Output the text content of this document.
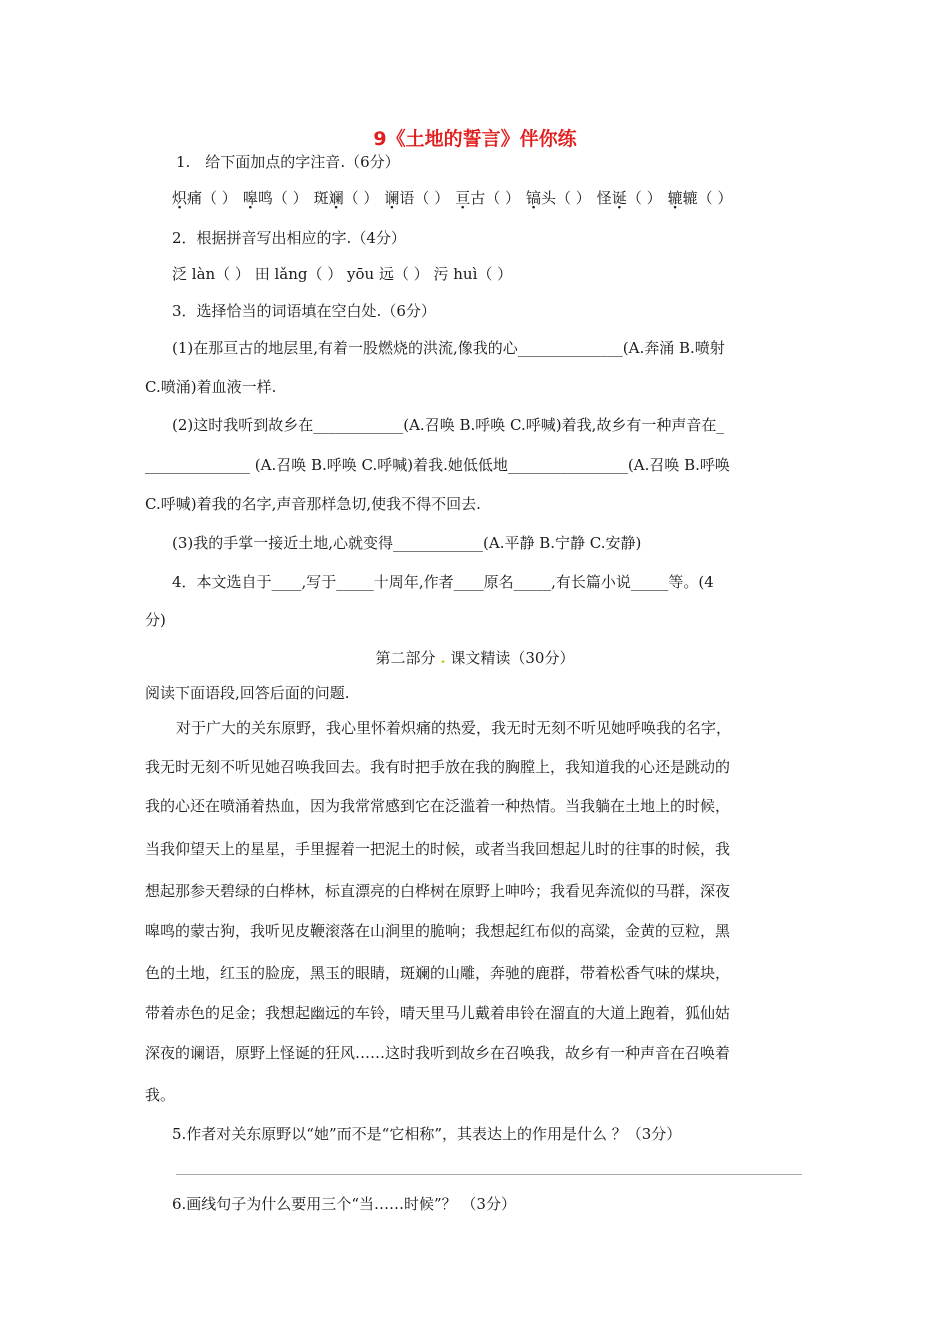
9《土地的誓言》伴你练
1.　给下面加点的字注音.（6分）
炽痛（ ） 嗥鸣（ ） 斑斓（ ） 谰语（ ） 亘古（ ） 镐头（ ） 怪诞（ ） 辘辘（ ）
2．根据拼音写出相应的字.（4分）
泛 làn（ ） 田 lǎng（ ） yōu 远（ ） 污 huì（ ）
3．选择恰当的词语填在空白处.（6分）
(1)在那亘古的地层里,有着一股燃烧的洪流,像我的心______________(A.奔涌 B.喷射
C.喷涌)着血液一样.
(2)这时我听到故乡在____________(A.召唤 B.呼唤 C.呼喊)着我,故乡有一种声音在_
______________ (A.召唤 B.呼唤 C.呼喊)着我.她低低地________________(A.召唤 B.呼唤
C.呼喊)着我的名字,声音那样急切,使我不得不回去.
(3)我的手掌一接近土地,心就变得____________(A.平静 B.宁静 C.安静)
4．本文选自于____,写于_____十周年,作者____原名_____,有长篇小说_____等。(4
分)
第二部分 . 课文精读（30分）
阅读下面语段,回答后面的问题.
对于广大的关东原野，我心里怀着炽痛的热爱，我无时无刻不听见她呼唤我的名字，
我无时无刻不听见她召唤我回去。我有时把手放在我的胸膛上，我知道我的心还是跳动的
我的心还在喷涌着热血，因为我常常感到它在泛滥着一种热情。当我躺在土地上的时候，
当我仰望天上的星星，手里握着一把泥土的时候，或者当我回想起儿时的往事的时候，我
想起那参天碧绿的白桦林，标直漂亮的白桦树在原野上呻吟；我看见奔流似的马群，深夜
嗥鸣的蒙古狗，我听见皮鞭滚落在山涧里的脆响；我想起红布似的高粱，金黄的豆粒，黑
色的土地，红玉的脸庞，黑玉的眼睛，斑斓的山雕，奔驰的鹿群，带着松香气味的煤块，
带着赤色的足金；我想起幽远的车铃，晴天里马儿戴着串铃在溜直的大道上跑着，狐仙姑
深夜的谰语，原野上怪诞的狂风……这时我听到故乡在召唤我，故乡有一种声音在召唤着
我。
5.作者对关东原野以“她”而不是“它相称”，其表达上的作用是什么 ？（3分）
6.画线句子为什么要用三个“当……时候”？ （3分）
